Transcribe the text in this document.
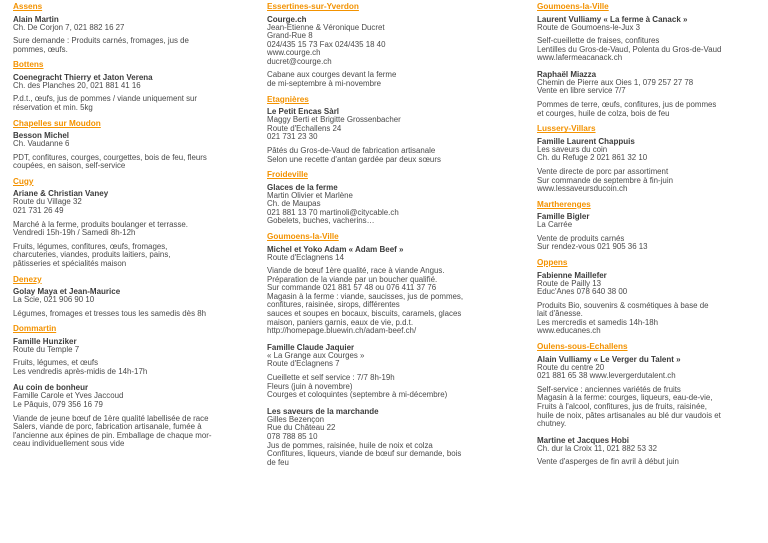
Assens
Alain Martin
Ch. De Corjon 7, 021 882 16 27
Sure demande : Produits carnés, fromages, jus de
pommes, œufs.
Bottens
Coenegracht Thierry et Jaton Verena
Ch. des Planches 20, 021 881 41 16
P.d.t., œufs, jus de pommes / viande uniquement sur
réservation et min. 5kg
Chapelles sur Moudon
Besson Michel
Ch. Vaudanne 6
PDT, confitures, courges, courgettes, bois de feu, fleurs
coupées, en saison, self-service
Cugy
Ariane & Christian Vaney
Route du Village 32
021 731 26 49
Marché à la ferme, produits boulanger et terrasse.
Vendredi 15h-19h / Samedi 8h-12h
Fruits, légumes, confitures, œufs, fromages,
charcuteries, viandes, produits laitiers, pains,
pâtisseries et spécialités maison
Denezy
Golay Maya et Jean-Maurice
La Scie, 021 906 90 10
Légumes, fromages et tresses tous les samedis dès 8h
Dommartin
Famille Hunziker
Route du Temple 7
Fruits, légumes, et œufs
Les vendredis après-midis de 14h-17h
Au coin de bonheur
Famille Carole et Yves Jaccoud
Le Pâquis, 079 356 16 79
Viande de jeune bœuf de 1ère qualité labellisée de race
Salers, viande de porc, fabrication artisanale, fumée à
l'ancienne aux épines de pin. Emballage de chaque mor-
ceau individuellement sous vide
Essertines-sur-Yverdon
Courge.ch
Jean-Etienne & Véronique Ducret
Grand-Rue 8
024/435 15 73 Fax 024/435 18 40
www.courge.ch
ducret@courge.ch
Cabane aux courges devant la ferme
de mi-septembre à mi-novembre
Etagnières
Le Petit Encas Sàrl
Maggy Berti et Brigitte Grossenbacher
Route d'Echallens 24
021 731 23 30
Pâtés du Gros-de-Vaud de fabrication artisanale
Selon une recette d'antan gardée par deux sœurs
Froideville
Glaces de la ferme
Martin Olivier et Marlène
Ch. de Maupas
021 881 13 70 martinoli@citycable.ch
Gobelets, buches, vacherins…
Goumoens-la-Ville
Michel et Yoko Adam « Adam Beef »
Route d'Eclagnens 14
Viande de bœuf 1ère qualité, race à viande Angus.
Préparation de la viande par un boucher qualifié.
Sur commande 021 881 57 48 ou 076 411 37 76
Magasin à la ferme : viande, saucisses, jus de pommes,
confitures, raisinée, sirops, différentes
sauces et soupes en bocaux, biscuits, caramels, glaces
maison, paniers garnis, eaux de vie, p.d.t.
http://homepage.bluewin.ch/adam-beef.ch/
Famille Claude Jaquier
« La Grange aux Courges »
Route d'Eclagnens 7
Cueillette et self service : 7/7 8h-19h
Fleurs (juin à novembre)
Courges et coloquintes (septembre à mi-décembre)
Les saveurs de la marchande
Gilles Bezençon
Rue du Château 22
078 788 85 10
Jus de pommes, raisinée, huile de noix et colza
Confitures, liqueurs, viande de bœuf sur demande, bois
de feu
Goumoens-la-Ville
Laurent Vulliamy « La ferme à Canack »
Route de Goumoens-le-Jux 3
Self-cueillette de fraises, confitures
Lentilles du Gros-de-Vaud, Polenta du Gros-de-Vaud
www.lafermeacanack.ch
Raphaël Miazza
Chemin de Pierre aux Oies 1, 079 257 27 78
Vente en libre service 7/7
Pommes de terre, œufs, confitures, jus de pommes
et courges, huile de colza, bois de feu
Lussery-Villars
Famille Laurent Chappuis
Les saveurs du coin
Ch. du Refuge 2 021 861 32 10
Vente directe de porc par assortiment
Sur commande de septembre à fin-juin
www.lessaveursducoin.ch
Martherenges
Famille Bigler
La Carrée
Vente de produits carnés
Sur rendez-vous 021 905 36 13
Oppens
Fabienne Maillefer
Route de Pailly 13
Educ'Anes 078 640 38 00
Produits Bio, souvenirs & cosmétiques à base de
lait d'ânesse.
Les mercredis et samedis 14h-18h
www.educanes.ch
Oulens-sous-Echallens
Alain Vulliamy « Le Verger du Talent »
Route du centre 20
021 881 65 38 www.levergerdutalent.ch
Self-service : anciennes variétés de fruits
Magasin à la ferme: courges, liqueurs, eau-de-vie,
Fruits à l'alcool, confitures, jus de fruits, raisinée,
huile de noix, pâtes artisanales au blé dur vaudois et
chutney.
Martine et Jacques Hobi
Ch. dur la Croix 11, 021 882 53 32
Vente d'asperges de fin avril à début juin
